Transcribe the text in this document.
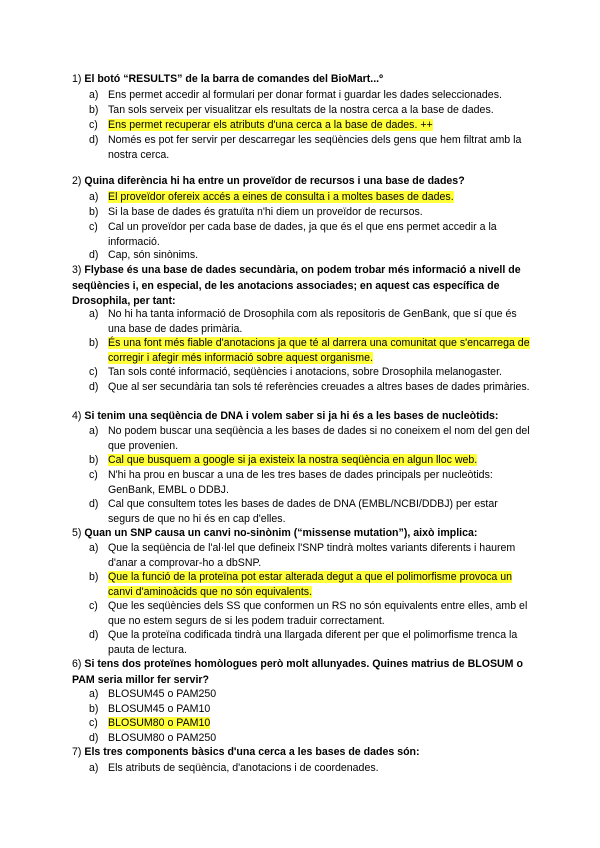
1) El botó “RESULTS” de la barra de comandes del BioMart...º
a) Ens permet accedir al formulari per donar format i guardar les dades seleccionades.
b) Tan sols serveix per visualitzar els resultats de la nostra cerca a la base de dades.
c) Ens permet recuperar els atributs d'una cerca a la base de dades. ++
d) Només es pot fer servir per descarregar les seqüències dels gens que hem filtrat amb la nostra cerca.
2) Quina diferència hi ha entre un proveïdor de recursos i una base de dades?
a) El proveïdor ofereix accés a eines de consulta i a moltes bases de dades.
b) Si la base de dades és gratuïta n'hi diem un proveïdor de recursos.
c) Cal un proveïdor per cada base de dades, ja que és el que ens permet accedir a la informació.
d) Cap, són sinònims.
3) Flybase és una base de dades secundària, on podem trobar més informació a nivell de seqüències i, en especial, de les anotacions associades; en aquest cas específica de Drosophila, per tant:
a) No hi ha tanta informació de Drosophila com als repositoris de GenBank, que sí que és una base de dades primària.
b) És una font més fiable d'anotacions ja que té al darrera una comunitat que s'encarrega de corregir i afegir més informació sobre aquest organisme.
c) Tan sols conté informació, seqüències i anotacions, sobre Drosophila melanogaster.
d) Que al ser secundària tan sols té referències creuades a altres bases de dades primàries.
4) Si tenim una seqüència de DNA i volem saber si ja hi és a les bases de nucleòtids:
a) No podem buscar una seqüència a les bases de dades si no coneixem el nom del gen del que provenien.
b) Cal que busquem a google si ja existeix la nostra seqüència en algun lloc web.
c) N'hi ha prou en buscar a una de les tres bases de dades principals per nucleòtids: GenBank, EMBL o DDBJ.
d) Cal que consultem totes les bases de dades de DNA (EMBL/NCBI/DDBJ) per estar segurs de que no hi és en cap d'elles.
5) Quan un SNP causa un canvi no-sinònim (“missense mutation”), això implica:
a) Que la seqüència de l'al·lel que defineix l'SNP tindrà moltes variants diferents i haurem d'anar a comprovar-ho a dbSNP.
b) Que la funció de la proteïna pot estar alterada degut a que el polimorfisme provoca un canvi d'aminoàcids que no són equivalents.
c) Que les seqüències dels SS que conformen un RS no són equivalents entre elles, amb el que no estem segurs de si les podem traduir correctament.
d) Que la proteïna codificada tindrà una llargada diferent per que el polimorfisme trenca la pauta de lectura.
6) Si tens dos proteïnes homòlogues però molt allunyades. Quines matrius de BLOSUM o PAM seria millor fer servir?
a) BLOSUM45 o PAM250
b) BLOSUM45 o PAM10
c) BLOSUM80 o PAM10
d) BLOSUM80 o PAM250
7) Els tres components bàsics d'una cerca a les bases de dades són:
a) Els atributs de seqüència, d'anotacions i de coordenades.
